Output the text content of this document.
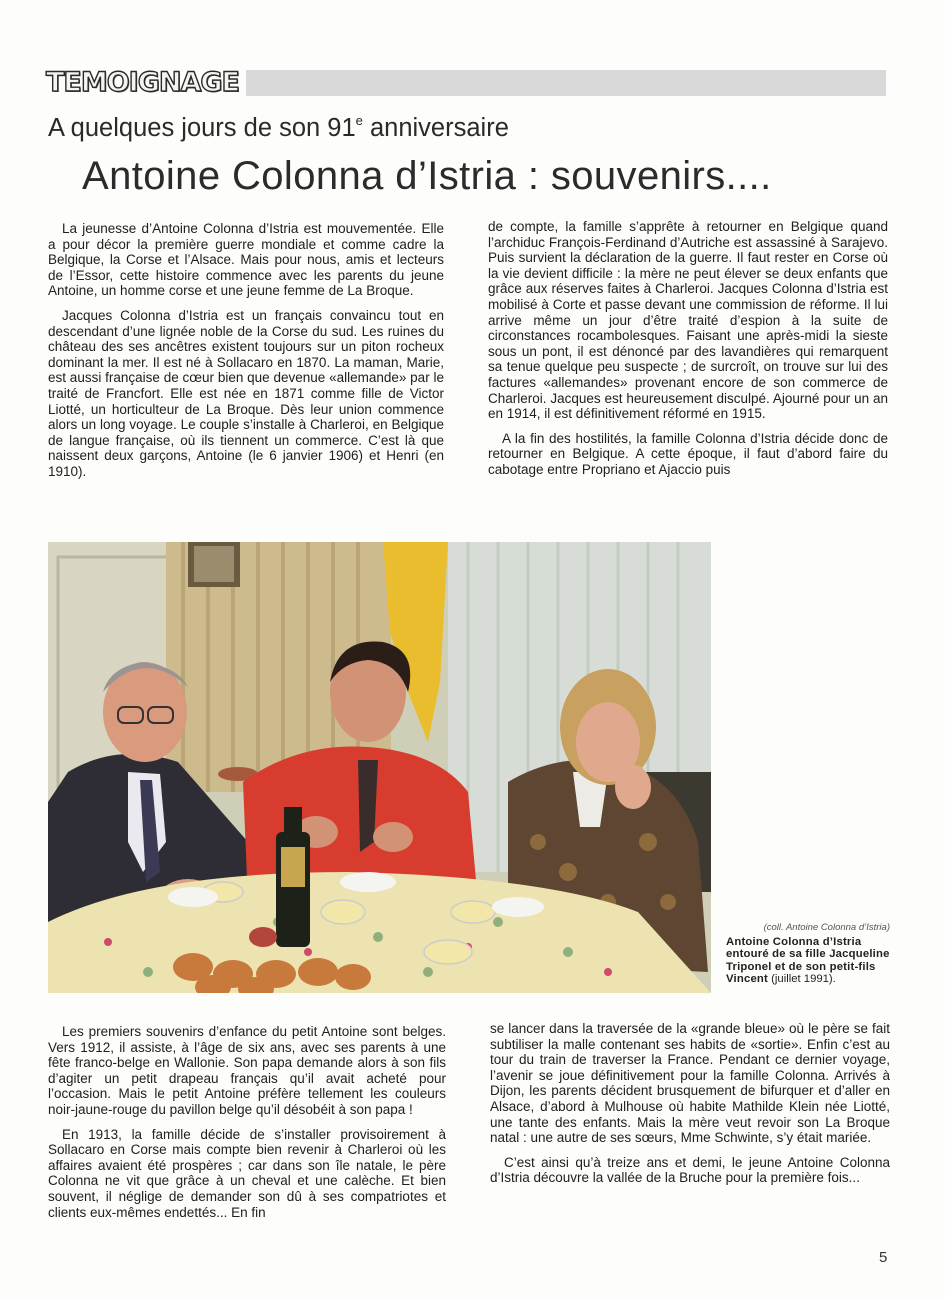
TEMOIGNAGE
A quelques jours de son 91e anniversaire
Antoine Colonna d’Istria : souvenirs....

La jeunesse d’Antoine Colonna d’Istria est mouvementée. Elle a pour décor la première guerre mondiale et comme cadre la Belgique, la Corse et l’Alsace. Mais pour nous, amis et lecteurs de l’Essor, cette histoire commence avec les parents du jeune Antoine, un homme corse et une jeune femme de La Broque.

Jacques Colonna d’Istria est un français convaincu tout en descendant d’une lignée noble de la Corse du sud. Les ruines du château des ses ancêtres existent toujours sur un piton rocheux dominant la mer. Il est né à Sollacaro en 1870. La maman, Marie, est aussi française de cœur bien que devenue «allemande» par le traité de Francfort. Elle est née en 1871 comme fille de Victor Liotté, un horticulteur de La Broque. Dès leur union commence alors un long voyage. Le couple s’installe à Charleroi, en Belgique de langue française, où ils tiennent un commerce. C’est là que naissent deux garçons, Antoine (le 6 janvier 1906) et Henri (en 1910).

de compte, la famille s’apprête à retourner en Belgique quand l’archiduc François-Ferdinand d’Autriche est assassiné à Sarajevo. Puis survient la déclaration de la guerre. Il faut rester en Corse où la vie devient difficile : la mère ne peut élever se deux enfants que grâce aux réserves faites à Charleroi. Jacques Colonna d’Istria est mobilisé à Corte et passe devant une commission de réforme. Il lui arrive même un jour d’être traité d’espion à la suite de circonstances rocambolesques. Faisant une après-midi la sieste sous un pont, il est dénoncé par des lavandières qui remarquent sa tenue quelque peu suspecte ; de surcroît, on trouve sur lui des factures «allemandes» provenant encore de son commerce de Charleroi. Jacques est heureusement disculpé. Ajourné pour un an en 1914, il est définitivement réformé en 1915.

A la fin des hostilités, la famille Colonna d’Istria décide donc de retourner en Belgique. A cette époque, il faut d’abord faire du cabotage entre Propriano et Ajaccio puis

(coll. Antoine Colonna d’Istria)
Antoine Colonna d’Istria entouré de sa fille Jacqueline Triponel et de son petit-fils Vincent (juillet 1991).

Les premiers souvenirs d’enfance du petit Antoine sont belges. Vers 1912, il assiste, à l’âge de six ans, avec ses parents à une fête franco-belge en Wallonie. Son papa demande alors à son fils d’agiter un petit drapeau français qu’il avait acheté pour l’occasion. Mais le petit Antoine préfère tellement les couleurs noir-jaune-rouge du pavillon belge qu’il désobéit à son papa !

En 1913, la famille décide de s’installer provisoirement à Sollacaro en Corse mais compte bien revenir à Charleroi où les affaires avaient été prospères ; car dans son île natale, le père Colonna ne vit que grâce à un cheval et une calèche. Et bien souvent, il néglige de demander son dû à ses compatriotes et clients eux-mêmes endettés... En fin

se lancer dans la traversée de la «grande bleue» où le père se fait subtiliser la malle contenant ses habits de «sortie». Enfin c’est au tour du train de traverser la France. Pendant ce dernier voyage, l’avenir se joue définitivement pour la famille Colonna. Arrivés à Dijon, les parents décident brusquement de bifurquer et d’aller en Alsace, d’abord à Mulhouse où habite Mathilde Klein née Liotté, une tante des enfants. Mais la mère veut revoir son La Broque natal : une autre de ses sœurs, Mme Schwinte, s’y était mariée.

C’est ainsi qu’à treize ans et demi, le jeune Antoine Colonna d’Istria découvre la vallée de la Bruche pour la première fois...

5
